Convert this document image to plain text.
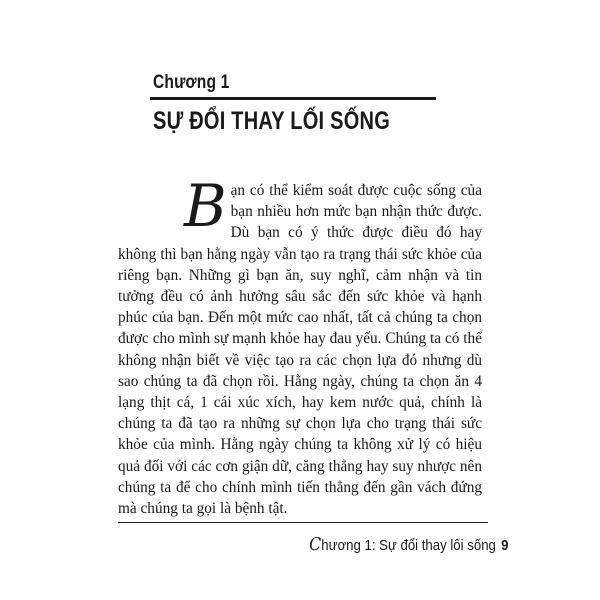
Chương 1
SỰ ĐỔI THAY LỐI SỐNG

Bạn có thể kiểm soát được cuộc sống của bạn nhiều hơn mức bạn nhận thức được. Dù bạn có ý thức được điều đó hay không thì bạn hằng ngày vẫn tạo ra trạng thái sức khỏe của riêng bạn. Những gì bạn ăn, suy nghĩ, cảm nhận và tin tưởng đều có ảnh hưởng sâu sắc đến sức khỏe và hạnh phúc của bạn. Đến một mức cao nhất, tất cả chúng ta chọn được cho mình sự mạnh khỏe hay đau yếu. Chúng ta có thể không nhận biết về việc tạo ra các chọn lựa đó nhưng dù sao chúng ta đã chọn rồi. Hằng ngày, chúng ta chọn ăn 4 lạng thịt cá, 1 cái xúc xích, hay kem nước quả, chính là chúng ta đã tạo ra những sự chọn lựa cho trạng thái sức khỏe của mình. Hằng ngày chúng ta không xử lý có hiệu quả đối với các cơn giận dữ, căng thẳng hay suy nhược nên chúng ta để cho chính mình tiến thẳng đến gần vách đứng mà chúng ta gọi là bệnh tật.

Chương 1: Sự đổi thay lối sống 9
